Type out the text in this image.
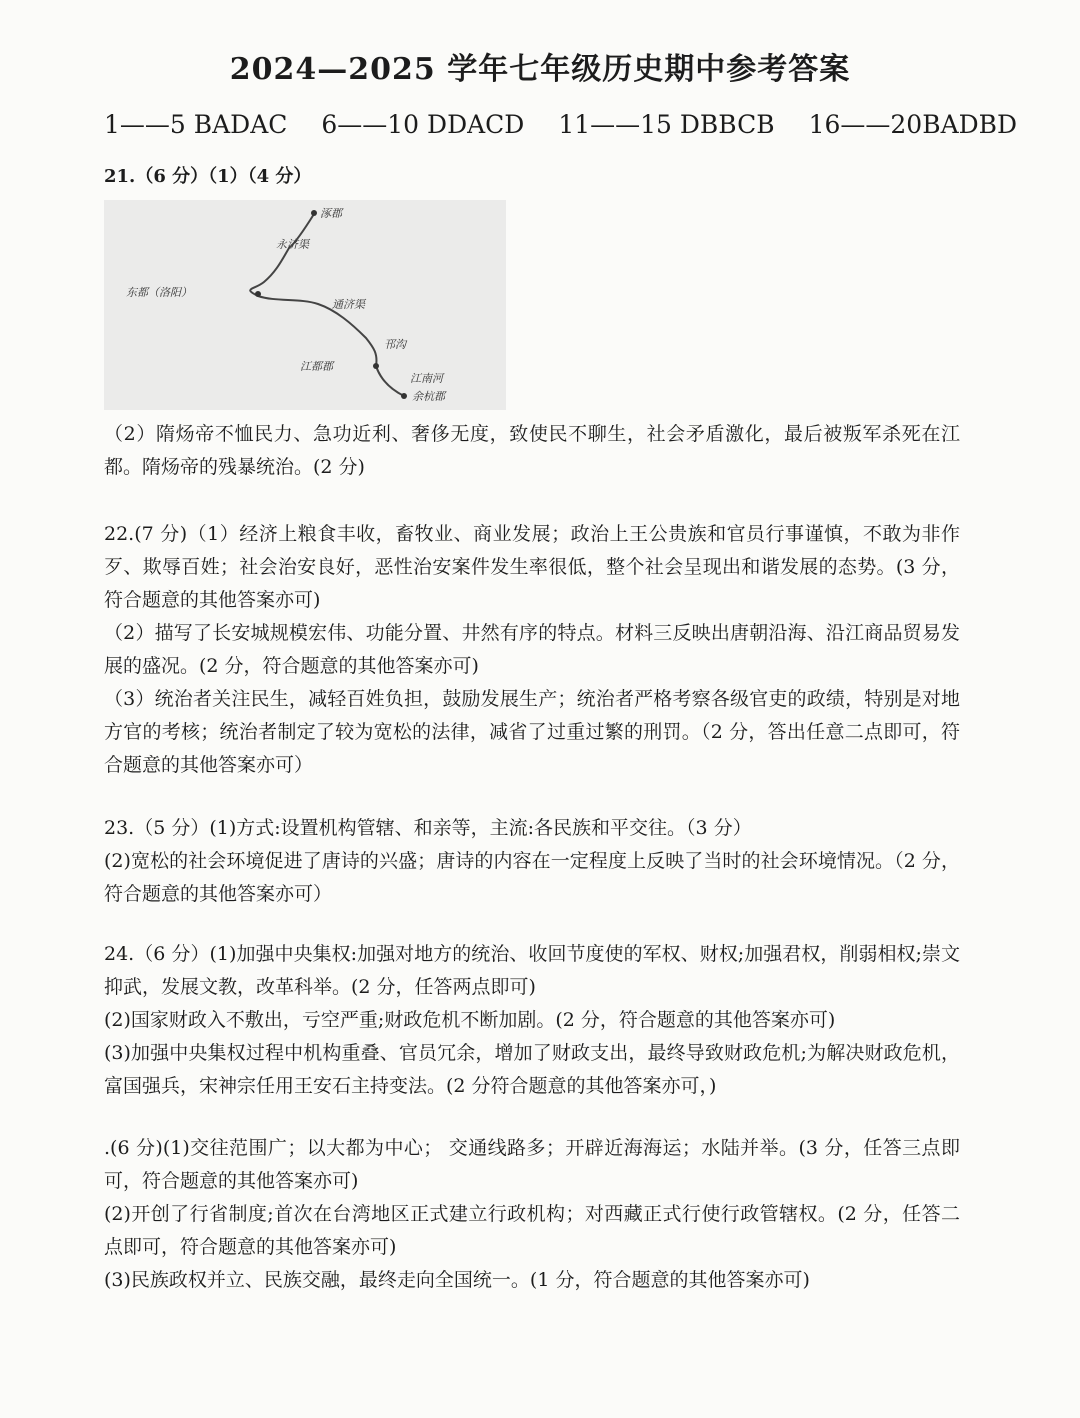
2024—2025 学年七年级历史期中参考答案
1——5 BADAC 6——10 DDACD 11——15 DBBCB 16——20BADBD
21.（6 分）（1）（4 分）
涿郡
永济渠
东都（洛阳）
通济渠
邗沟
江都郡
江南河
余杭郡

（2）隋炀帝不恤民力、急功近利、奢侈无度，致使民不聊生，社会矛盾激化，最后被叛军杀死在江都。隋炀帝的残暴统治。(2 分)

22.(7 分)（1）经济上粮食丰收，畜牧业、商业发展；政治上王公贵族和官员行事谨慎，不敢为非作歹、欺辱百姓；社会治安良好，恶性治安案件发生率很低，整个社会呈现出和谐发展的态势。(3 分，符合题意的其他答案亦可)

（2）描写了长安城规模宏伟、功能分置、井然有序的特点。材料三反映出唐朝沿海、沿江商品贸易发展的盛况。(2 分，符合题意的其他答案亦可)

（3）统治者关注民生，减轻百姓负担，鼓励发展生产；统治者严格考察各级官吏的政绩，特别是对地方官的考核；统治者制定了较为宽松的法律，减省了过重过繁的刑罚。（2 分，答出任意二点即可，符合题意的其他答案亦可）

23.（5 分）(1)方式:设置机构管辖、和亲等，主流:各民族和平交往。（3 分）

(2)宽松的社会环境促进了唐诗的兴盛；唐诗的内容在一定程度上反映了当时的社会环境情况。（2 分，符合题意的其他答案亦可）

24.（6 分）(1)加强中央集权:加强对地方的统治、收回节度使的军权、财权;加强君权，削弱相权;崇文抑武，发展文教，改革科举。(2 分，任答两点即可)

(2)国家财政入不敷出，亏空严重;财政危机不断加剧。(2 分，符合题意的其他答案亦可)

(3)加强中央集权过程中机构重叠、官员冗余，增加了财政支出，最终导致财政危机;为解决财政危机，富国强兵，宋神宗任用王安石主持变法。(2 分符合题意的其他答案亦可，)

.(6 分)(1)交往范围广；以大都为中心； 交通线路多；开辟近海海运；水陆并举。(3 分，任答三点即可，符合题意的其他答案亦可)

(2)开创了行省制度;首次在台湾地区正式建立行政机构；对西藏正式行使行政管辖权。(2 分，任答二点即可，符合题意的其他答案亦可)

(3)民族政权并立、民族交融，最终走向全国统一。(1 分，符合题意的其他答案亦可)
